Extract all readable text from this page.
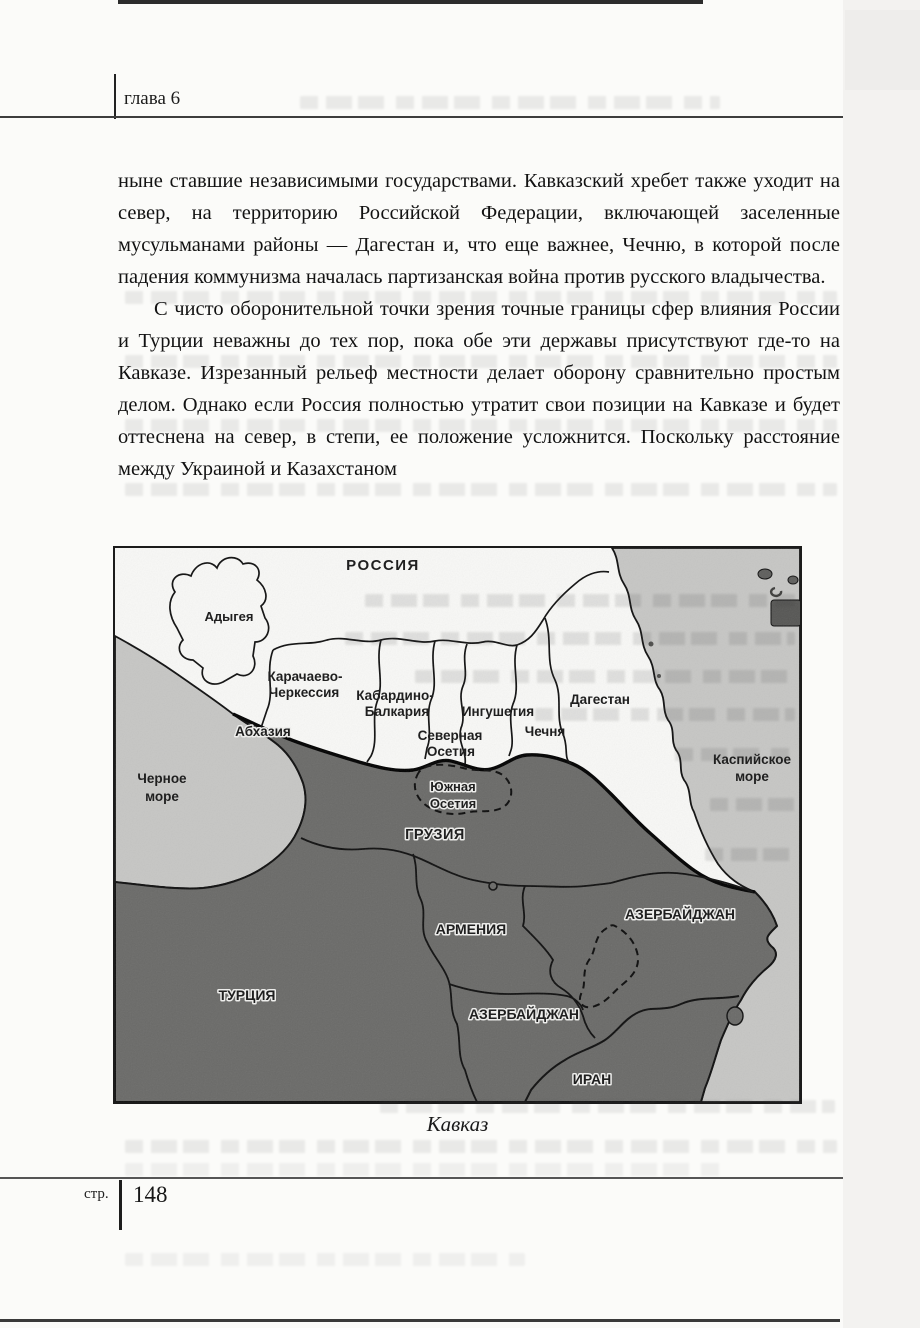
глава 6

ныне ставшие независимыми государствами. Кавказский хребет также уходит на север, на территорию Российской Федерации, включающей заселенные мусульманами районы — Дагестан и, что еще важнее, Чечню, в которой после падения коммунизма началась партизанская война против русского владычества.

С чисто оборонительной точки зрения точные границы сфер влияния России и Турции неважны до тех пор, пока обе эти державы присутствуют где-то на Кавказе. Изрезанный рельеф местности делает оборону сравнительно простым делом. Однако если Россия полностью утратит свои позиции на Кавказе и будет оттеснена на север, в степи, ее положение усложнится. Поскольку расстояние между Украиной и Казахстаном

РОССИЯ
Адыгея
Карачаево-
Черкессия Кабардино-
Балкария Ингушетия
Северная
Осетия
Чечня
Дагестан
Черное
море
Каспийское
море
Абхазия
Южная
Осетия
ГРУЗИЯ
АРМЕНИЯ
АЗЕРБАЙДЖАН
ТУРЦИЯ
АЗЕРБАЙДЖАН
ИРАН
Кавказ
стр. 148
